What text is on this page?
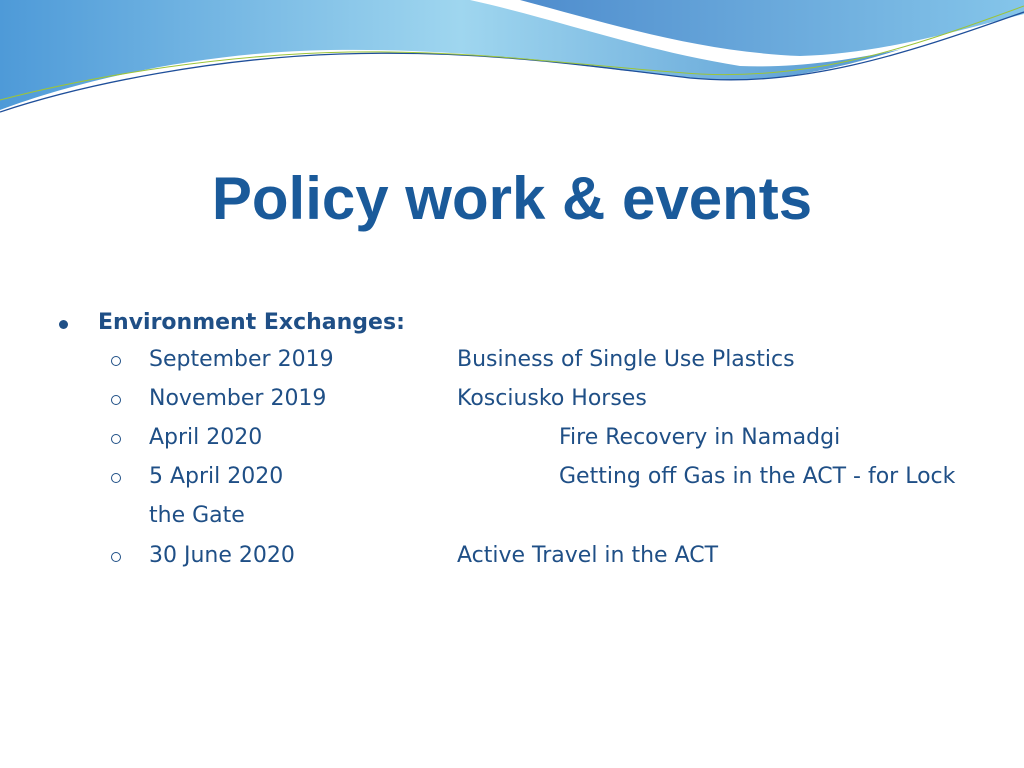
Policy work & events
Environment Exchanges:
September 2019	Business of Single Use Plastics
November 2019	Kosciusko Horses
April 2020	Fire Recovery in Namadgi
5 April 2020	Getting off Gas in the ACT - for Lock
the Gate
30 June 2020	Active Travel in the ACT
